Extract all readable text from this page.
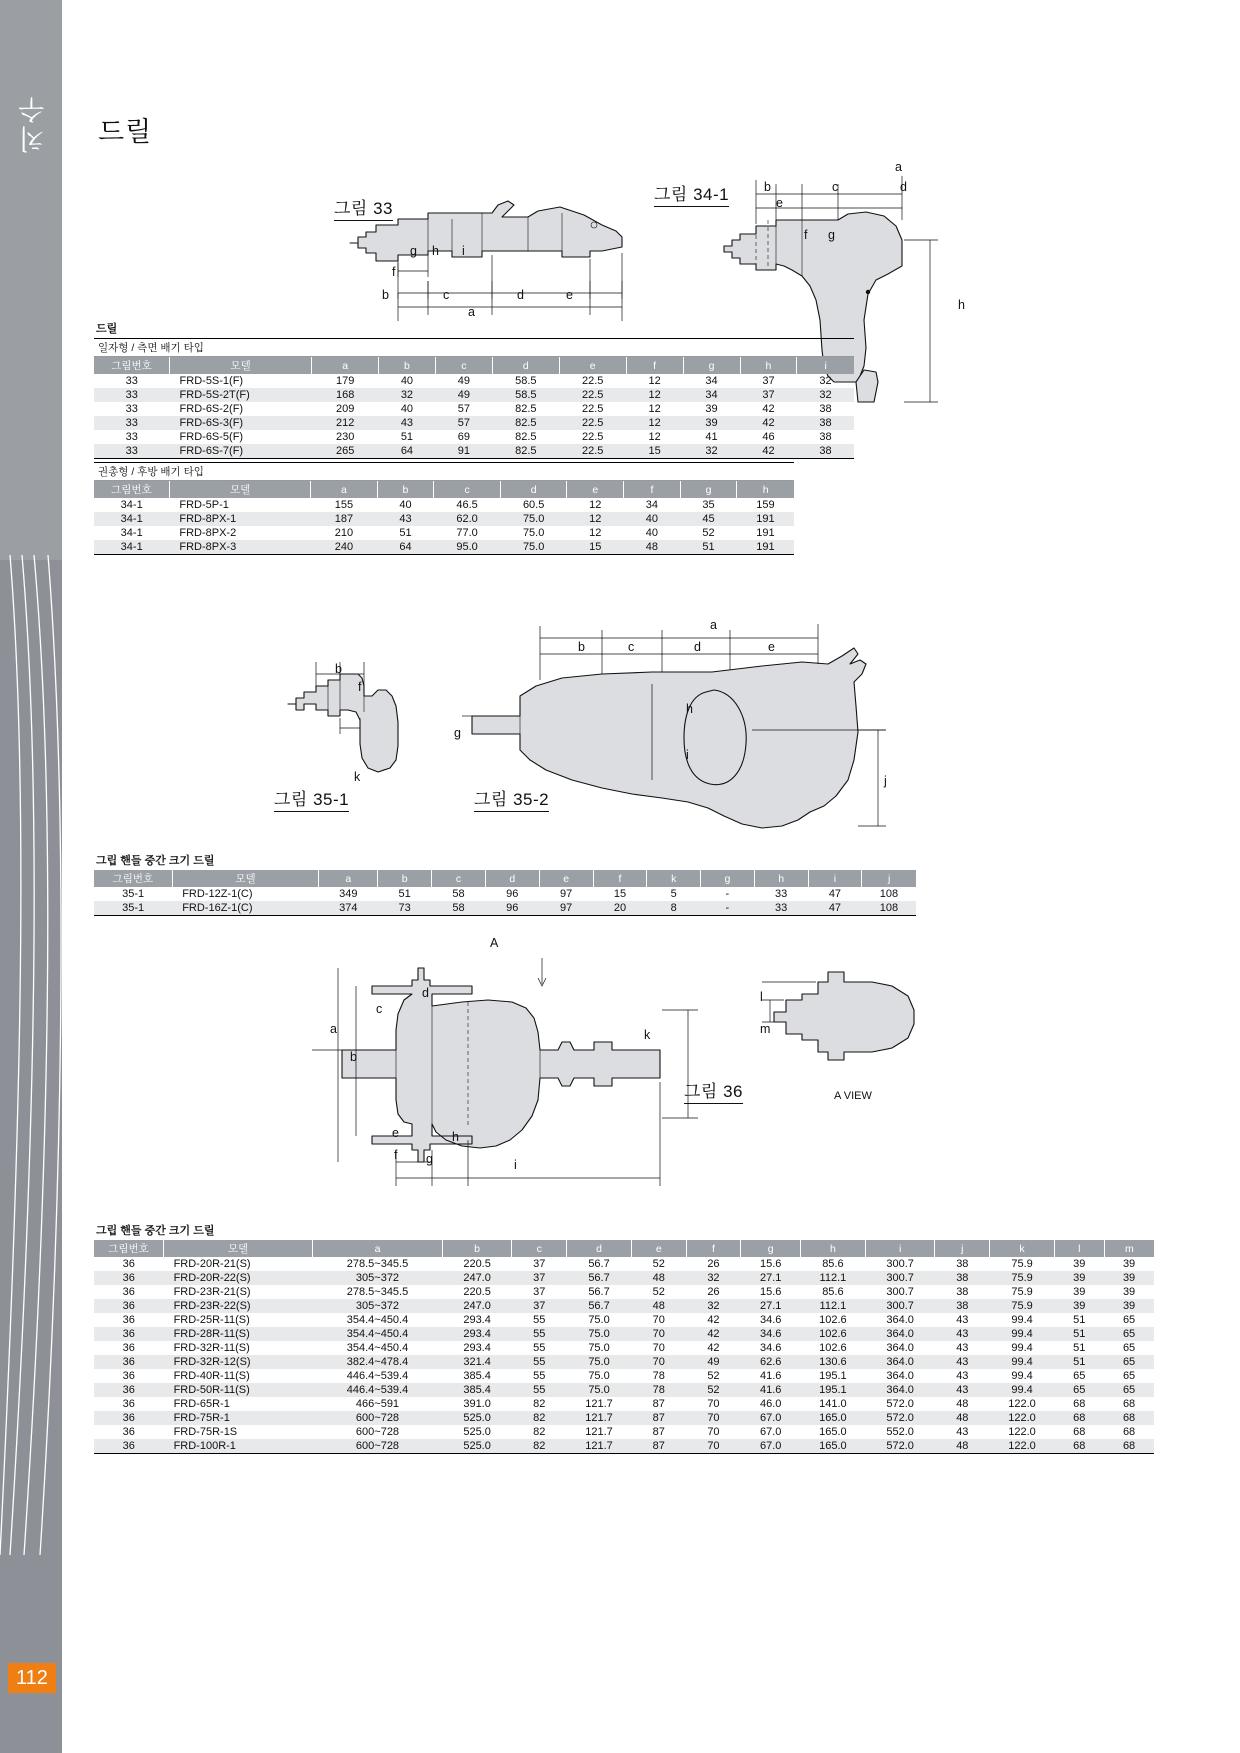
치수
112
드릴
그림 33
g h i
f
b	c	d	e
a
그림 34-1
a
b	c	d
e
f g
h
드릴
일자형 / 측면 배기 타입
그림번호	모델	a	b	c	d	e	f	g	h	i
33	FRD-5S-1(F)	179	40	49	58.5	22.5	12	34	37	32
33	FRD-5S-2T(F)	168	32	49	58.5	22.5	12	34	37	32
33	FRD-6S-2(F)	209	40	57	82.5	22.5	12	39	42	38
33	FRD-6S-3(F)	212	43	57	82.5	22.5	12	39	42	38
33	FRD-6S-5(F)	230	51	69	82.5	22.5	12	41	46	38
33	FRD-6S-7(F)	265	64	91	82.5	22.5	15	32	42	38
권총형 / 후방 배기 타입
그림번호	모델	a	b	c	d	e	f	g	h
34-1	FRD-5P-1	155	40	46.5	60.5	12	34	35	159
34-1	FRD-8PX-1	187	43	62.0	75.0	12	40	45	191
34-1	FRD-8PX-2	210	51	77.0	75.0	12	40	52	191
34-1	FRD-8PX-3	240	64	95.0	75.0	15	48	51	191
b
f
k
그림 35-1
a
b	c	d	e
g
h
i
j
그림 35-2
그립 핸들 중간 크기 드릴
그림번호	모델	a	b	c	d	e	f	k	g	h	i	j
35-1	FRD-12Z-1(C)	349	51	58	96	97	15	5	-	33	47	108
35-1	FRD-16Z-1(C)	374	73	58	96	97	20	8	-	33	47	108
a
b
c
d
e
f g
h
i
k
A
그림 36
l
m
A VIEW
그립 핸들 중간 크기 드릴
그림번호	모델	a	b	c	d	e	f	g	h	i	j	k	l	m
36	FRD-20R-21(S)	278.5~345.5	220.5	37	56.7	52	26	15.6	85.6	300.7	38	75.9	39	39
36	FRD-20R-22(S)	305~372	247.0	37	56.7	48	32	27.1	112.1	300.7	38	75.9	39	39
36	FRD-23R-21(S)	278.5~345.5	220.5	37	56.7	52	26	15.6	85.6	300.7	38	75.9	39	39
36	FRD-23R-22(S)	305~372	247.0	37	56.7	48	32	27.1	112.1	300.7	38	75.9	39	39
36	FRD-25R-11(S)	354.4~450.4	293.4	55	75.0	70	42	34.6	102.6	364.0	43	99.4	51	65
36	FRD-28R-11(S)	354.4~450.4	293.4	55	75.0	70	42	34.6	102.6	364.0	43	99.4	51	65
36	FRD-32R-11(S)	354.4~450.4	293.4	55	75.0	70	42	34.6	102.6	364.0	43	99.4	51	65
36	FRD-32R-12(S)	382.4~478.4	321.4	55	75.0	70	49	62.6	130.6	364.0	43	99.4	51	65
36	FRD-40R-11(S)	446.4~539.4	385.4	55	75.0	78	52	41.6	195.1	364.0	43	99.4	65	65
36	FRD-50R-11(S)	446.4~539.4	385.4	55	75.0	78	52	41.6	195.1	364.0	43	99.4	65	65
36	FRD-65R-1	466~591	391.0	82	121.7	87	70	46.0	141.0	572.0	48	122.0	68	68
36	FRD-75R-1	600~728	525.0	82	121.7	87	70	67.0	165.0	572.0	48	122.0	68	68
36	FRD-75R-1S	600~728	525.0	82	121.7	87	70	67.0	165.0	552.0	43	122.0	68	68
36	FRD-100R-1	600~728	525.0	82	121.7	87	70	67.0	165.0	572.0	48	122.0	68	68
